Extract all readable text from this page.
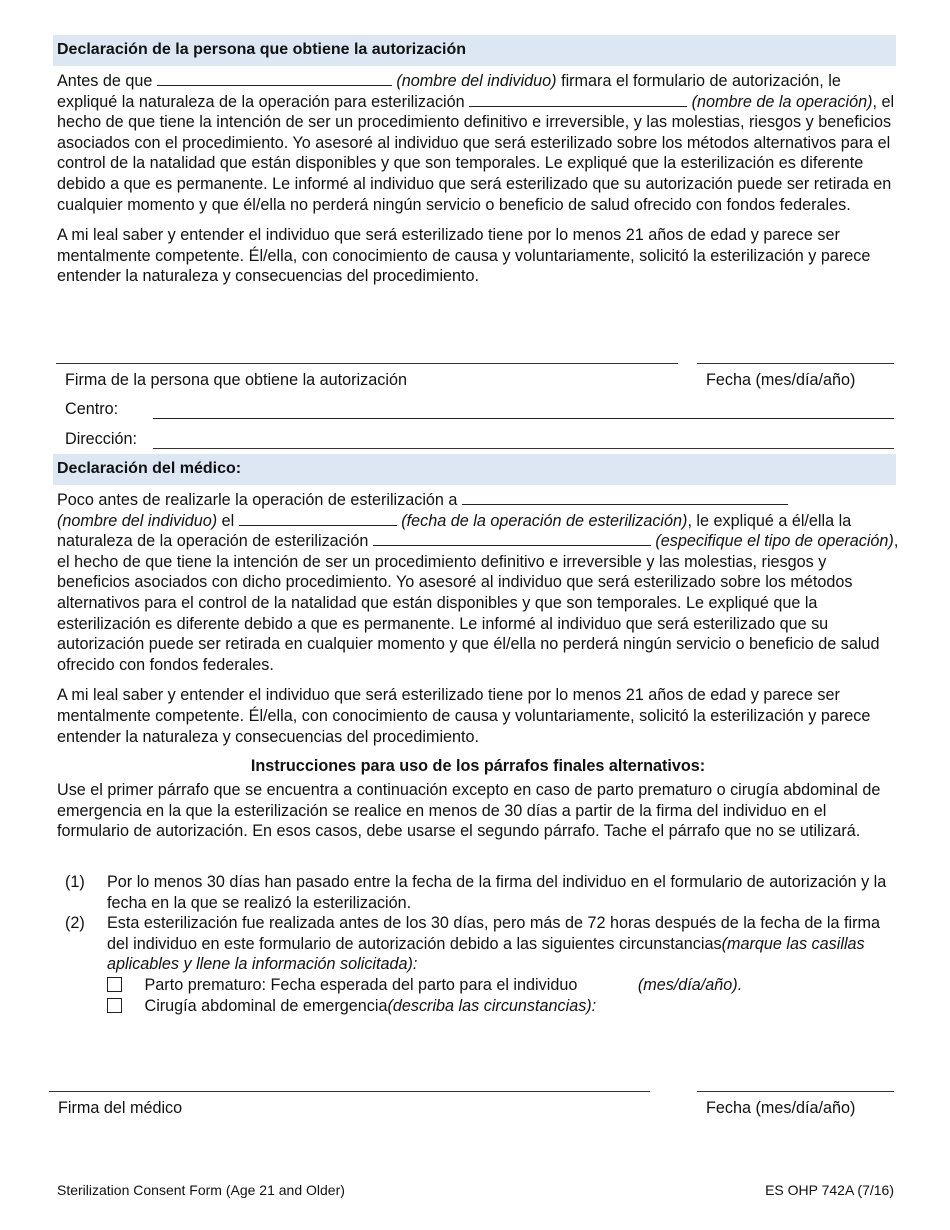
Declaración de la persona que obtiene la autorización

Antes de que	(nombre del individuo) firmara el formulario de autorización, le expliqué la naturaleza de la operación para esterilización	(nombre de la operación), el hecho de que tiene la intención de ser un procedimiento definitivo e irreversible, y las molestias, riesgos y beneficios asociados con el procedimiento. Yo asesoré al individuo que será esterilizado sobre los métodos alternativos para el control de la natalidad que están disponibles y que son temporales. Le expliqué que la esterilización es diferente debido a que es permanente. Le informé al individuo que será esterilizado que su autorización puede ser retirada en cualquier momento y que él/ella no perderá ningún servicio o beneficio de salud ofrecido con fondos federales.

A mi leal saber y entender el individuo que será esterilizado tiene por lo menos 21 años de edad y parece ser mentalmente competente. Él/ella, con conocimiento de causa y voluntariamente, solicitó la esterilización y parece entender la naturaleza y consecuencias del procedimiento.

Firma de la persona que obtiene la autorización	Fecha (mes/día/año)
Centro:
Dirección:
Declaración del médico:

Poco antes de realizarle la operación de esterilización a
(nombre del individuo) el	(fecha de la operación de esterilización), le expliqué a él/ella la naturaleza de la operación de esterilización	(especifique el tipo de operación), el hecho de que tiene la intención de ser un procedimiento definitivo e irreversible y las molestias, riesgos y beneficios asociados con dicho procedimiento. Yo asesoré al individuo que será esterilizado sobre los métodos alternativos para el control de la natalidad que están disponibles y que son temporales. Le expliqué que la esterilización es diferente debido a que es permanente. Le informé al individuo que será esterilizado que su autorización puede ser retirada en cualquier momento y que él/ella no perderá ningún servicio o beneficio de salud ofrecido con fondos federales.

A mi leal saber y entender el individuo que será esterilizado tiene por lo menos 21 años de edad y parece ser mentalmente competente. Él/ella, con conocimiento de causa y voluntariamente, solicitó la esterilización y parece entender la naturaleza y consecuencias del procedimiento.

Instrucciones para uso de los párrafos finales alternativos:

Use el primer párrafo que se encuentra a continuación excepto en caso de parto prematuro o cirugía abdominal de emergencia en la que la esterilización se realice en menos de 30 días a partir de la firma del individuo en el formulario de autorización. En esos casos, debe usarse el segundo párrafo. Tache el párrafo que no se utilizará.

(1) Por lo menos 30 días han pasado entre la fecha de la firma del individuo en el formulario de autorización y la fecha en la que se realizó la esterilización.
(2) Esta esterilización fue realizada antes de los 30 días, pero más de 72 horas después de la fecha de la firma del individuo en este formulario de autorización debido a las siguientes circunstancias(marque las casillas aplicables y llene la información solicitada):
Parto prematuro: Fecha esperada del parto para el individuo	(mes/día/año).
Cirugía abdominal de emergencia(describa las circunstancias):
Firma del médico	Fecha (mes/día/año)
Sterilization Consent Form (Age 21 and Older)	ES OHP 742A (7/16)
